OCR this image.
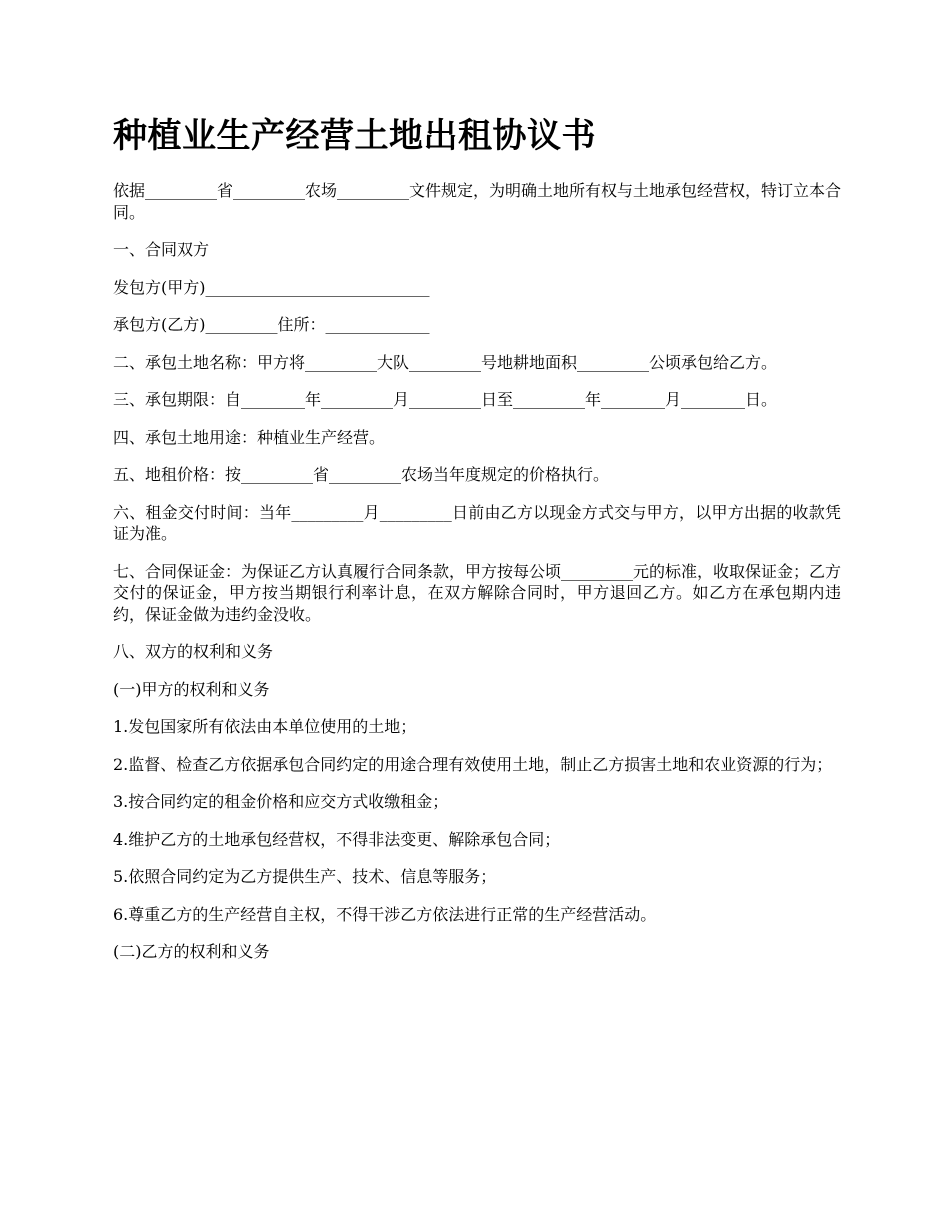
种植业生产经营土地出租协议书

依据_________省_________农场_________文件规定，为明确土地所有权与土地承包经营权，特订立本合同。

一、合同双方

发包方(甲方)____________________________

承包方(乙方)_________住所：_____________

二、承包土地名称：甲方将_________大队_________号地耕地面积_________公顷承包给乙方。

三、承包期限：自________年_________月_________日至_________年________月________日。

四、承包土地用途：种植业生产经营。

五、地租价格：按_________省_________农场当年度规定的价格执行。

六、租金交付时间：当年_________月_________日前由乙方以现金方式交与甲方，以甲方出据的收款凭证为准。

七、合同保证金：为保证乙方认真履行合同条款，甲方按每公顷_________元的标准，收取保证金；乙方交付的保证金，甲方按当期银行利率计息，在双方解除合同时，甲方退回乙方。如乙方在承包期内违约，保证金做为违约金没收。

八、双方的权利和义务

(一)甲方的权利和义务

1.发包国家所有依法由本单位使用的土地；

2.监督、检查乙方依据承包合同约定的用途合理有效使用土地，制止乙方损害土地和农业资源的行为；

3.按合同约定的租金价格和应交方式收缴租金；

4.维护乙方的土地承包经营权，不得非法变更、解除承包合同；

5.依照合同约定为乙方提供生产、技术、信息等服务；

6.尊重乙方的生产经营自主权，不得干涉乙方依法进行正常的生产经营活动。

(二)乙方的权利和义务
